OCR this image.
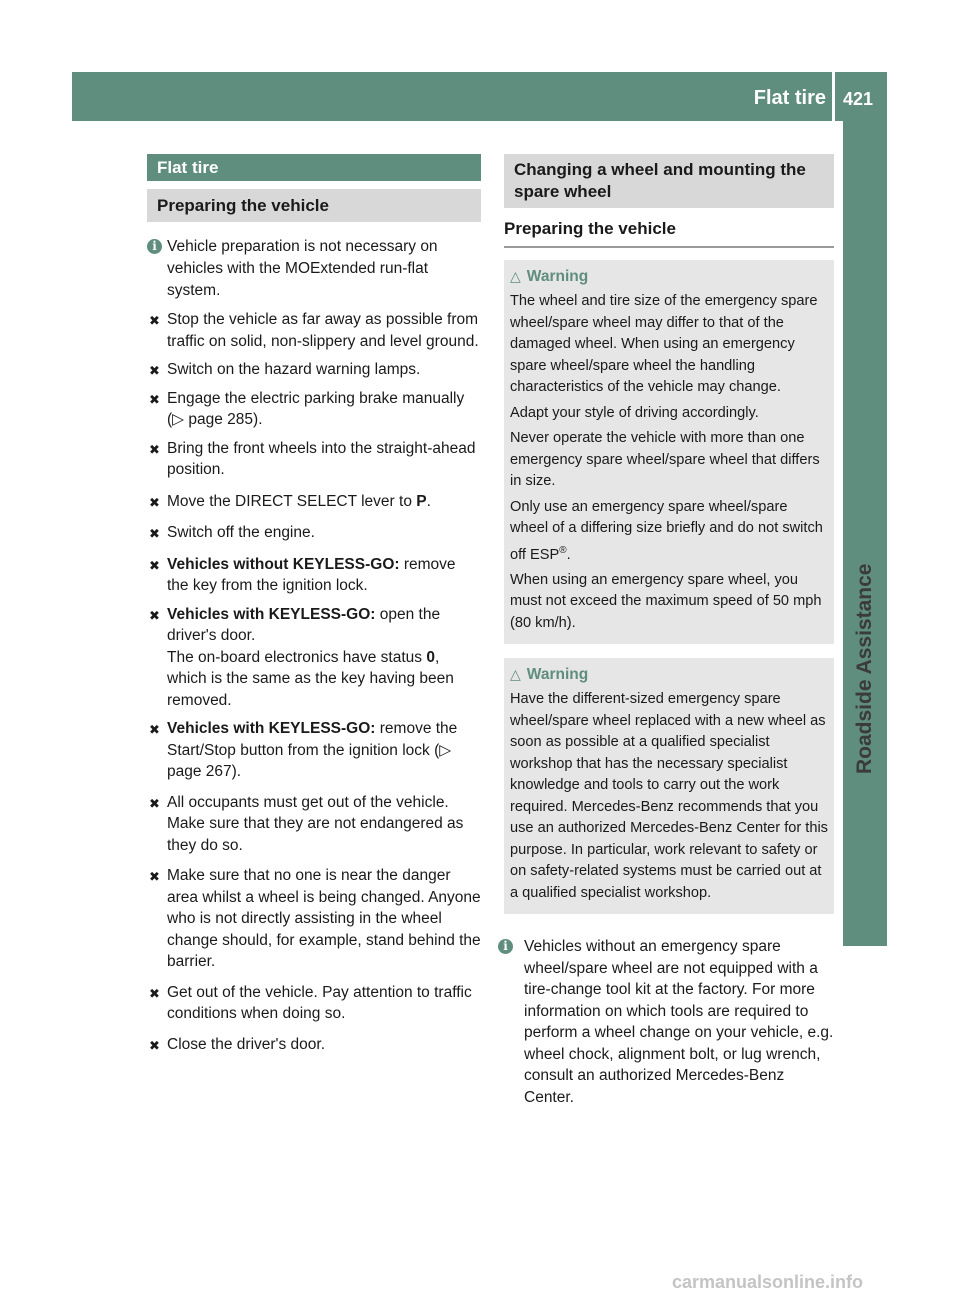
Flat tire 421
Roadside Assistance
Flat tire
Preparing the vehicle
i Vehicle preparation is not necessary on vehicles with the MOExtended run-flat system.
✖ Stop the vehicle as far away as possible from traffic on solid, non-slippery and level ground.
✖ Switch on the hazard warning lamps.
✖ Engage the electric parking brake manually (▷ page 285).
✖ Bring the front wheels into the straight-ahead position.
✖ Move the DIRECT SELECT lever to P.
✖ Switch off the engine.
✖ Vehicles without KEYLESS-GO: remove the key from the ignition lock.
✖ Vehicles with KEYLESS-GO: open the driver's door.
The on-board electronics have status 0, which is the same as the key having been removed.
✖ Vehicles with KEYLESS-GO: remove the Start/Stop button from the ignition lock (▷ page 267).
✖ All occupants must get out of the vehicle. Make sure that they are not endangered as they do so.
✖ Make sure that no one is near the danger area whilst a wheel is being changed. Anyone who is not directly assisting in the wheel change should, for example, stand behind the barrier.
✖ Get out of the vehicle. Pay attention to traffic conditions when doing so.
✖ Close the driver's door.
Changing a wheel and mounting the spare wheel
Preparing the vehicle
△ Warning

The wheel and tire size of the emergency spare wheel/spare wheel may differ to that of the damaged wheel. When using an emergency spare wheel/spare wheel the handling characteristics of the vehicle may change.

Adapt your style of driving accordingly.

Never operate the vehicle with more than one emergency spare wheel/spare wheel that differs in size.

Only use an emergency spare wheel/spare wheel of a differing size briefly and do not switch off ESP®.

When using an emergency spare wheel, you must not exceed the maximum speed of 50 mph (80 km/h).

△ Warning

Have the different-sized emergency spare wheel/spare wheel replaced with a new wheel as soon as possible at a qualified specialist workshop that has the necessary specialist knowledge and tools to carry out the work required. Mercedes-Benz recommends that you use an authorized Mercedes-Benz Center for this purpose. In particular, work relevant to safety or on safety-related systems must be carried out at a qualified specialist workshop.

i	Vehicles without an emergency spare wheel/spare wheel are not equipped with a tire-change tool kit at the factory. For more information on which tools are required to perform a wheel change on your vehicle, e.g. wheel chock, alignment bolt, or lug wrench, consult an authorized Mercedes-Benz Center.
carmanualsonline.info
